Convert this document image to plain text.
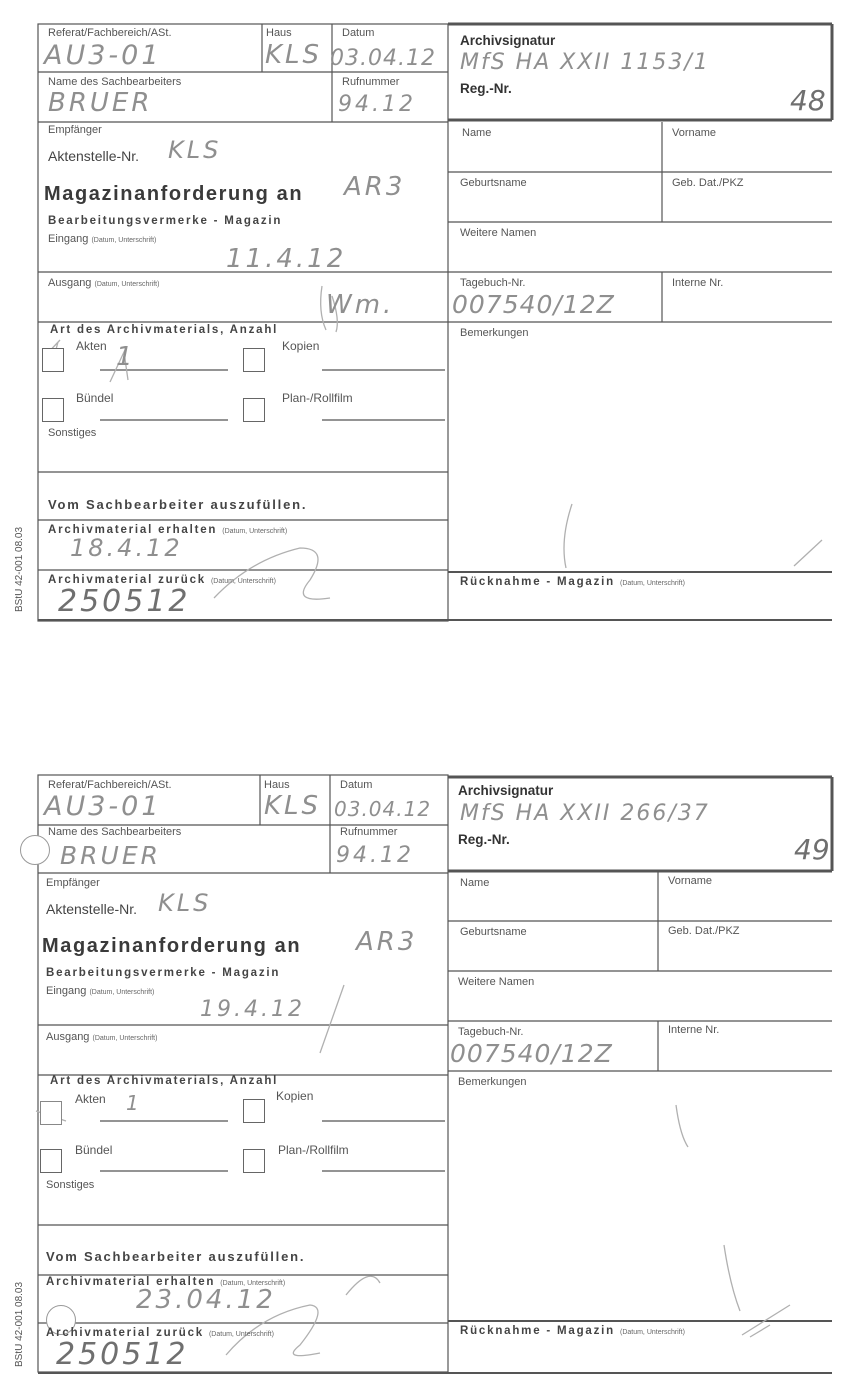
Referat/Fachbereich/ASt.	Haus	Datum
AU3-01	KLS 03.04.12
Name des Sachbearbeiters	Rufnummer
BRUER	94.12
Archivsignatur
MfS HA XXII 1153/1
Reg.-Nr.	48
Empfänger
Aktenstelle-Nr. KLS
Name	Vorname
Magazinanforderung an AR3	Geburtsname	Geb. Dat./PKZ
Bearbeitungsvermerke - Magazin
Eingang (Datum, Unterschrift)
11.4.12
Weitere Namen
Ausgang (Datum, Unterschrift)
Wm.
Tagebuch-Nr.	Interne Nr.
007540/12Z
Art des Archivmaterials, Anzahl	Bemerkungen
Akten 1	Kopien
Bündel	Plan-/Rollfilm
Sonstiges
Vom Sachbearbeiter auszufüllen.
Archivmaterial erhalten (Datum, Unterschrift)
18.4.12
Archivmaterial zurück (Datum, Unterschrift)
250512
Rücknahme - Magazin (Datum, Unterschrift)
BStU 42-001 08.03
Referat/Fachbereich/ASt.	Haus	Datum
AU3-01	KLS 03.04.12
Name des Sachbearbeiters	Rufnummer
BRUER	94.12
Archivsignatur
MfS HA XXII 266/37
Reg.-Nr.	49
Empfänger
Aktenstelle-Nr. KLS
Name	Vorname
Magazinanforderung an AR3	Geburtsname	Geb. Dat./PKZ
Bearbeitungsvermerke - Magazin
Eingang (Datum, Unterschrift)
19.4.12
Weitere Namen
Ausgang (Datum, Unterschrift)
Tagebuch-Nr.	Interne Nr.
007540/12Z
Art des Archivmaterials, Anzahl	Bemerkungen
Akten 1	Kopien
Bündel	Plan-/Rollfilm
Sonstiges
Vom Sachbearbeiter auszufüllen.
Archivmaterial erhalten (Datum, Unterschrift)
23.04.12
Archivmaterial zurück (Datum, Unterschrift)
250512
Rücknahme - Magazin (Datum, Unterschrift)
BStU 42-001 08.03
